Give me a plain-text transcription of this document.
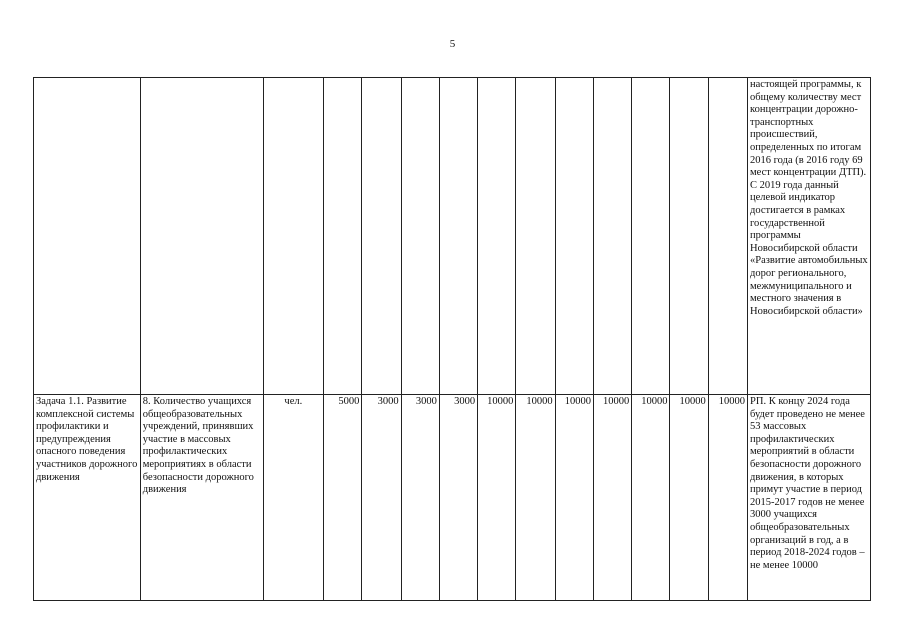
5
														настоящей программы, к общему количеству мест концентрации дорожно-транспортных происшествий, определенных по итогам 2016 года (в 2016 году 69 мест концентрации ДТП). С 2019 года данный целевой индикатор достигается в рамках государственной программы Новосибирской области «Развитие автомобильных дорог регионального, межмуниципального и местного значения в Новосибирской области»
Задача 1.1. Развитие комплексной системы профилактики и предупреждения опасного поведения участников дорожного движения	8. Количество учащихся общеобразовательных учреждений, принявших участие в массовых профилактических мероприятиях в области безопасности дорожного движения	чел.	5000	3000	3000	3000	10000	10000	10000	10000	10000	10000	10000	РП. К концу 2024 года будет проведено не менее 53 массовых профилактических мероприятий в области безопасности дорожного движения, в которых примут участие в период 2015-2017 годов не менее 3000 учащихся общеобразовательных организаций в год, а в период 2018-2024 годов – не менее 10000
